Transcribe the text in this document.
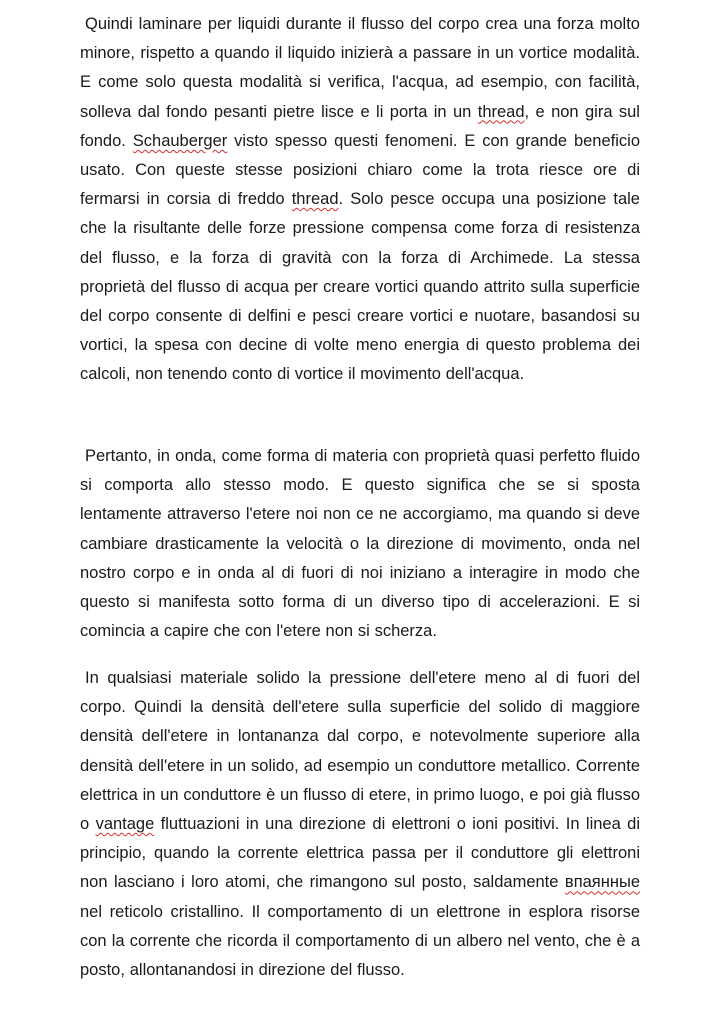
Quindi laminare per liquidi durante il flusso del corpo crea una forza molto minore, rispetto a quando il liquido inizierà a passare in un vortice modalità. E come solo questa modalità si verifica, l'acqua, ad esempio, con facilità, solleva dal fondo pesanti pietre lisce e li porta in un thread, e non gira sul fondo. Schauberger visto spesso questi fenomeni. E con grande beneficio usato. Con queste stesse posizioni chiaro come la trota riesce ore di fermarsi in corsia di freddo thread. Solo pesce occupa una posizione tale che la risultante delle forze pressione compensa come forza di resistenza del flusso, e la forza di gravità con la forza di Archimede. La stessa proprietà del flusso di acqua per creare vortici quando attrito sulla superficie del corpo consente di delfini e pesci creare vortici e nuotare, basandosi su vortici, la spesa con decine di volte meno energia di questo problema dei calcoli, non tenendo conto di vortice il movimento dell'acqua.

Pertanto, in onda, come forma di materia con proprietà quasi perfetto fluido si comporta allo stesso modo. E questo significa che se si sposta lentamente attraverso l'etere noi non ce ne accorgiamo, ma quando si deve cambiare drasticamente la velocità o la direzione di movimento, onda nel nostro corpo e in onda al di fuori di noi iniziano a interagire in modo che questo si manifesta sotto forma di un diverso tipo di accelerazioni. E si comincia a capire che con l'etere non si scherza.

In qualsiasi materiale solido la pressione dell'etere meno al di fuori del corpo. Quindi la densità dell'etere sulla superficie del solido di maggiore densità dell'etere in lontananza dal corpo, e notevolmente superiore alla densità dell'etere in un solido, ad esempio un conduttore metallico. Corrente elettrica in un conduttore è un flusso di etere, in primo luogo, e poi già flusso o vantage fluttuazioni in una direzione di elettroni o ioni positivi. In linea di principio, quando la corrente elettrica passa per il conduttore gli elettroni non lasciano i loro atomi, che rimangono sul posto, saldamente впаянные nel reticolo cristallino. Il comportamento di un elettrone in esplora risorse con la corrente che ricorda il comportamento di un albero nel vento, che è a posto, allontanandosi in direzione del flusso.
